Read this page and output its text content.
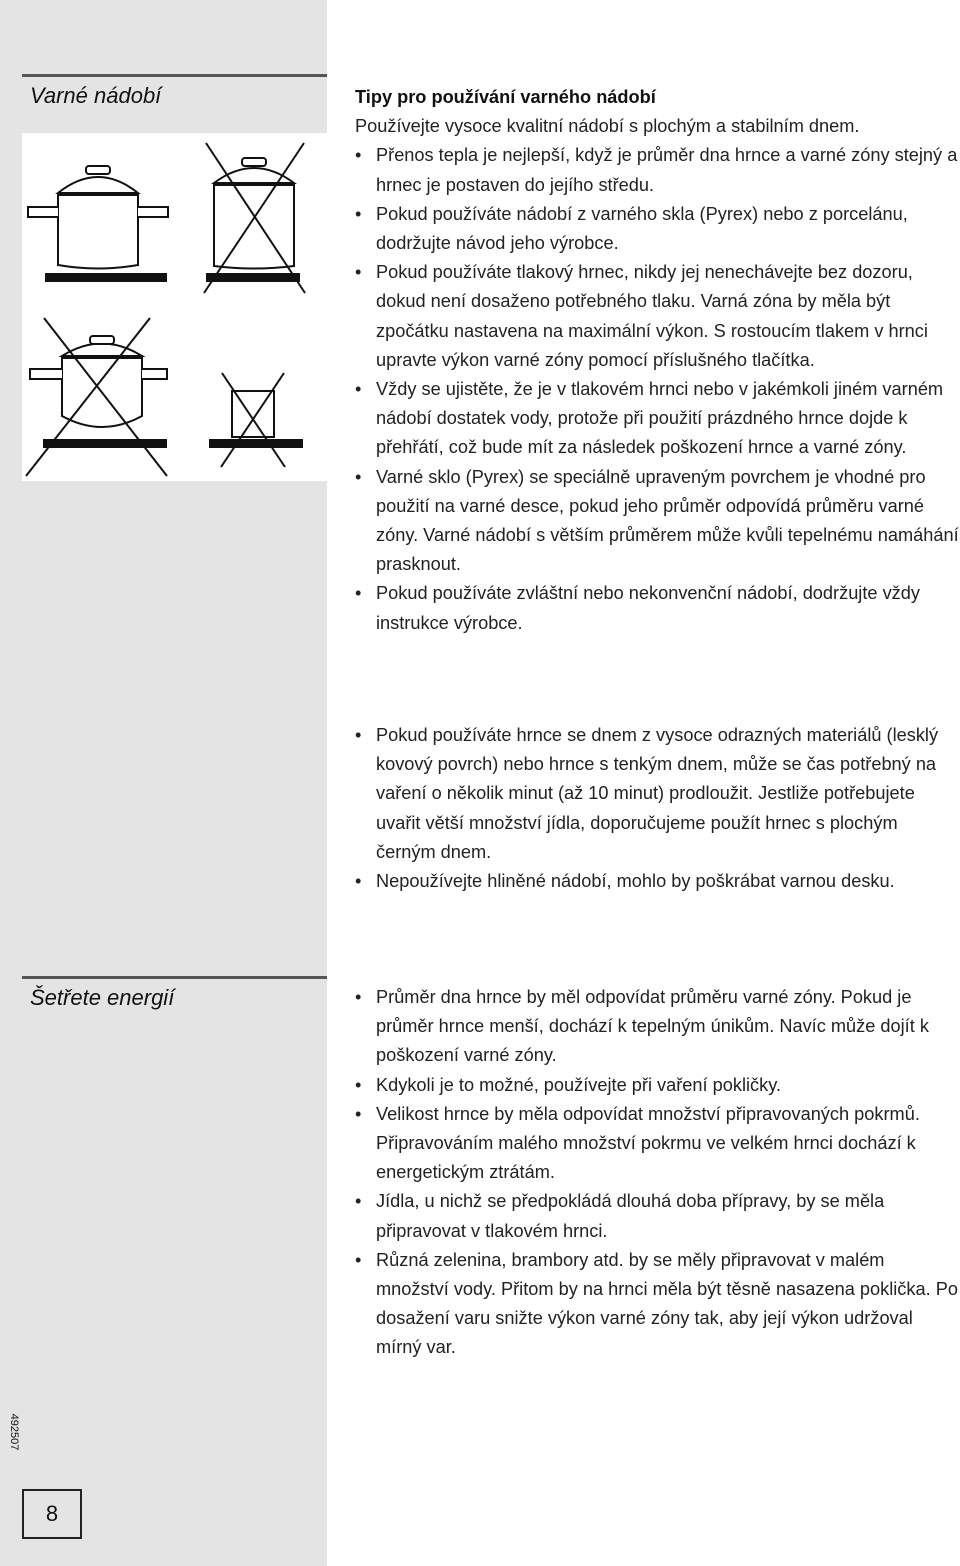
Varné nádobí	Tipy pro používání varného nádobí

Používejte vysoce kvalitní nádobí s plochým a stabilním dnem.

• Přenos tepla je nejlepší, když je průměr dna hrnce a varné zóny stejný a hrnec je postaven do jejího středu.
• Pokud používáte nádobí z varného skla (Pyrex) nebo z porcelánu, dodržujte návod jeho výrobce.
• Pokud používáte tlakový hrnec, nikdy jej nenechávejte bez dozoru, dokud není dosaženo potřebného tlaku. Varná zóna by měla být zpočátku nastavena na maximální výkon. S rostoucím tlakem v hrnci upravte výkon varné zóny pomocí příslušného tlačítka.
• Vždy se ujistěte, že je v tlakovém hrnci nebo v jakémkoli jiném varném nádobí dostatek vody, protože při použití prázdného hrnce dojde k přehřátí, což bude mít za následek poškození hrnce a varné zóny.
• Varné sklo (Pyrex) se speciálně upraveným povrchem je vhodné pro použití na varné desce, pokud jeho průměr odpovídá průměru varné zóny. Varné nádobí s větším průměrem může kvůli tepelnému namáhání prasknout.
• Pokud používáte zvláštní nebo nekonvenční nádobí, dodržujte vždy instrukce výrobce.
• Pokud používáte hrnce se dnem z vysoce odrazných materiálů (lesklý kovový povrch) nebo hrnce s tenkým dnem, může se čas potřebný na vaření o několik minut (až 10 minut) prodloužit. Jestliže potřebujete uvařit větší množství jídla, doporučujeme použít hrnec s plochým černým dnem.
• Nepoužívejte hliněné nádobí, mohlo by poškrábat varnou desku.
Šetřete energií
•	Průměr dna hrnce by měl odpovídat průměru varné zóny. Pokud je průměr hrnce menší, dochází k tepelným únikům. Navíc může dojít k poškození varné zóny.
• Kdykoli je to možné, používejte při vaření pokličky.
• Velikost hrnce by měla odpovídat množství připravovaných pokrmů. Připravováním malého množství pokrmu ve velkém hrnci dochází k energetickým ztrátám.
• Jídla, u nichž se předpokládá dlouhá doba přípravy, by se měla připravovat v tlakovém hrnci.
• Různá zelenina, brambory atd. by se měly připravovat v malém množství vody. Přitom by na hrnci měla být těsně nasazena poklička. Po dosažení varu snižte výkon varné zóny tak, aby její výkon udržoval mírný var.
492507
8
